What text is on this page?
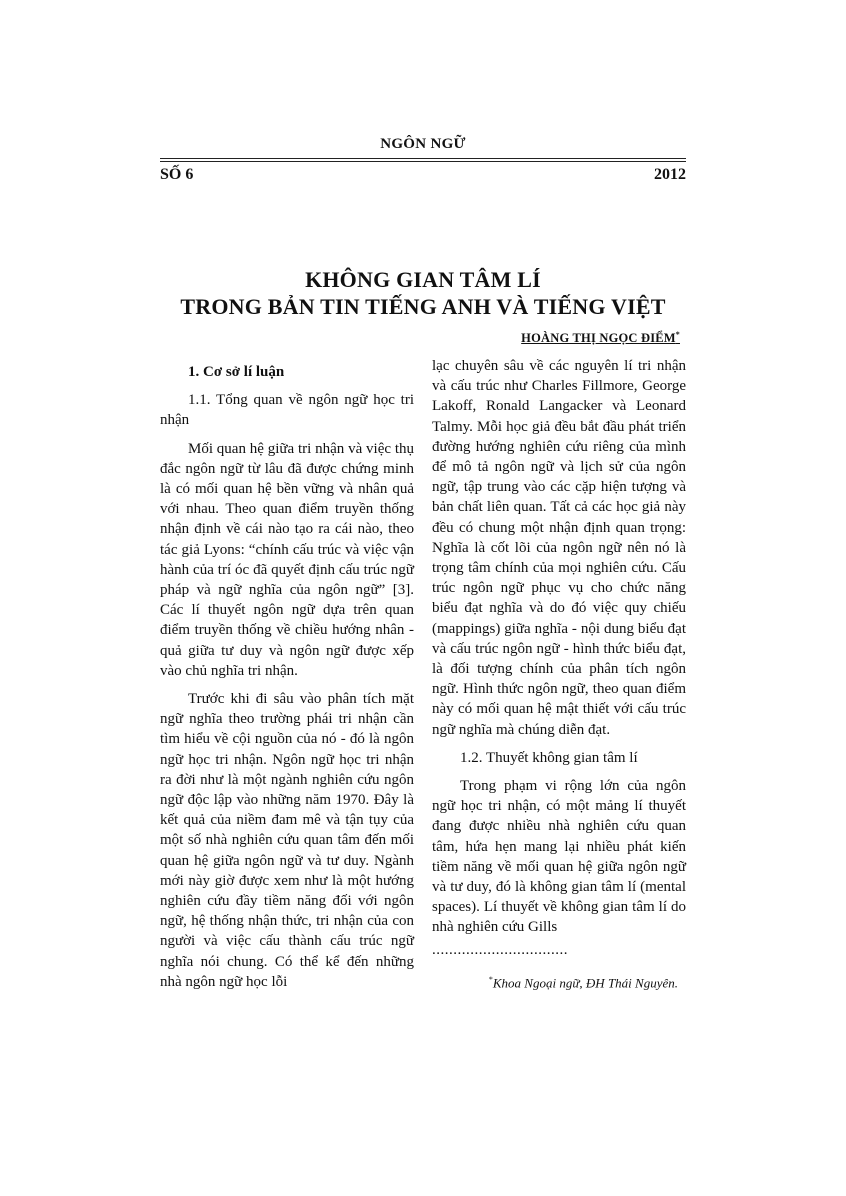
NGÔN NGỮ
SỐ 6	2012
KHÔNG GIAN TÂM LÍ
TRONG BẢN TIN TIẾNG ANH VÀ TIẾNG VIỆT
HOÀNG THỊ NGỌC ĐIỂM*

1. Cơ sở lí luận

1.1. Tổng quan về ngôn ngữ học tri nhận

Mối quan hệ giữa tri nhận và việc thụ đắc ngôn ngữ từ lâu đã được chứng minh là có mối quan hệ bền vững và nhân quả với nhau. Theo quan điểm truyền thống nhận định về cái nào tạo ra cái nào, theo tác giả Lyons: “chính cấu trúc và việc vận hành của trí óc đã quyết định cấu trúc ngữ pháp và ngữ nghĩa của ngôn ngữ” [3]. Các lí thuyết ngôn ngữ dựa trên quan điểm truyền thống về chiều hướng nhân - quả giữa tư duy và ngôn ngữ được xếp vào chủ nghĩa tri nhận.

Trước khi đi sâu vào phân tích mặt ngữ nghĩa theo trường phái tri nhận cần tìm hiểu về cội nguồn của nó - đó là ngôn ngữ học tri nhận. Ngôn ngữ học tri nhận ra đời như là một ngành nghiên cứu ngôn ngữ độc lập vào những năm 1970. Đây là kết quả của niềm đam mê và tận tụy của một số nhà nghiên cứu quan tâm đến mối quan hệ giữa ngôn ngữ và tư duy. Ngành mới này giờ được xem như là một hướng nghiên cứu đầy tiềm năng đối với ngôn ngữ, hệ thống nhận thức, tri nhận của con người và việc cấu thành cấu trúc ngữ nghĩa nói chung. Có thể kể đến những nhà ngôn ngữ học lỗi

lạc chuyên sâu về các nguyên lí tri nhận và cấu trúc như Charles Fillmore, George Lakoff, Ronald Langacker và Leonard Talmy. Mỗi học giả đều bắt đầu phát triển đường hướng nghiên cứu riêng của mình để mô tả ngôn ngữ và lịch sử của ngôn ngữ, tập trung vào các cặp hiện tượng và bản chất liên quan. Tất cả các học giả này đều có chung một nhận định quan trọng: Nghĩa là cốt lõi của ngôn ngữ nên nó là trọng tâm chính của mọi nghiên cứu. Cấu trúc ngôn ngữ phục vụ cho chức năng biểu đạt nghĩa và do đó việc quy chiếu (mappings) giữa nghĩa - nội dung biểu đạt và cấu trúc ngôn ngữ - hình thức biểu đạt, là đối tượng chính của phân tích ngôn ngữ. Hình thức ngôn ngữ, theo quan điểm này có mối quan hệ mật thiết với cấu trúc ngữ nghĩa mà chúng diễn đạt.

1.2. Thuyết không gian tâm lí

Trong phạm vi rộng lớn của ngôn ngữ học tri nhận, có một mảng lí thuyết đang được nhiều nhà nghiên cứu quan tâm, hứa hẹn mang lại nhiều phát kiến tiềm năng về mối quan hệ giữa ngôn ngữ và tư duy, đó là không gian tâm lí (mental spaces). Lí thuyết về không gian tâm lí do nhà nghiên cứu Gills

................................

*Khoa Ngoại ngữ, ĐH Thái Nguyên.
